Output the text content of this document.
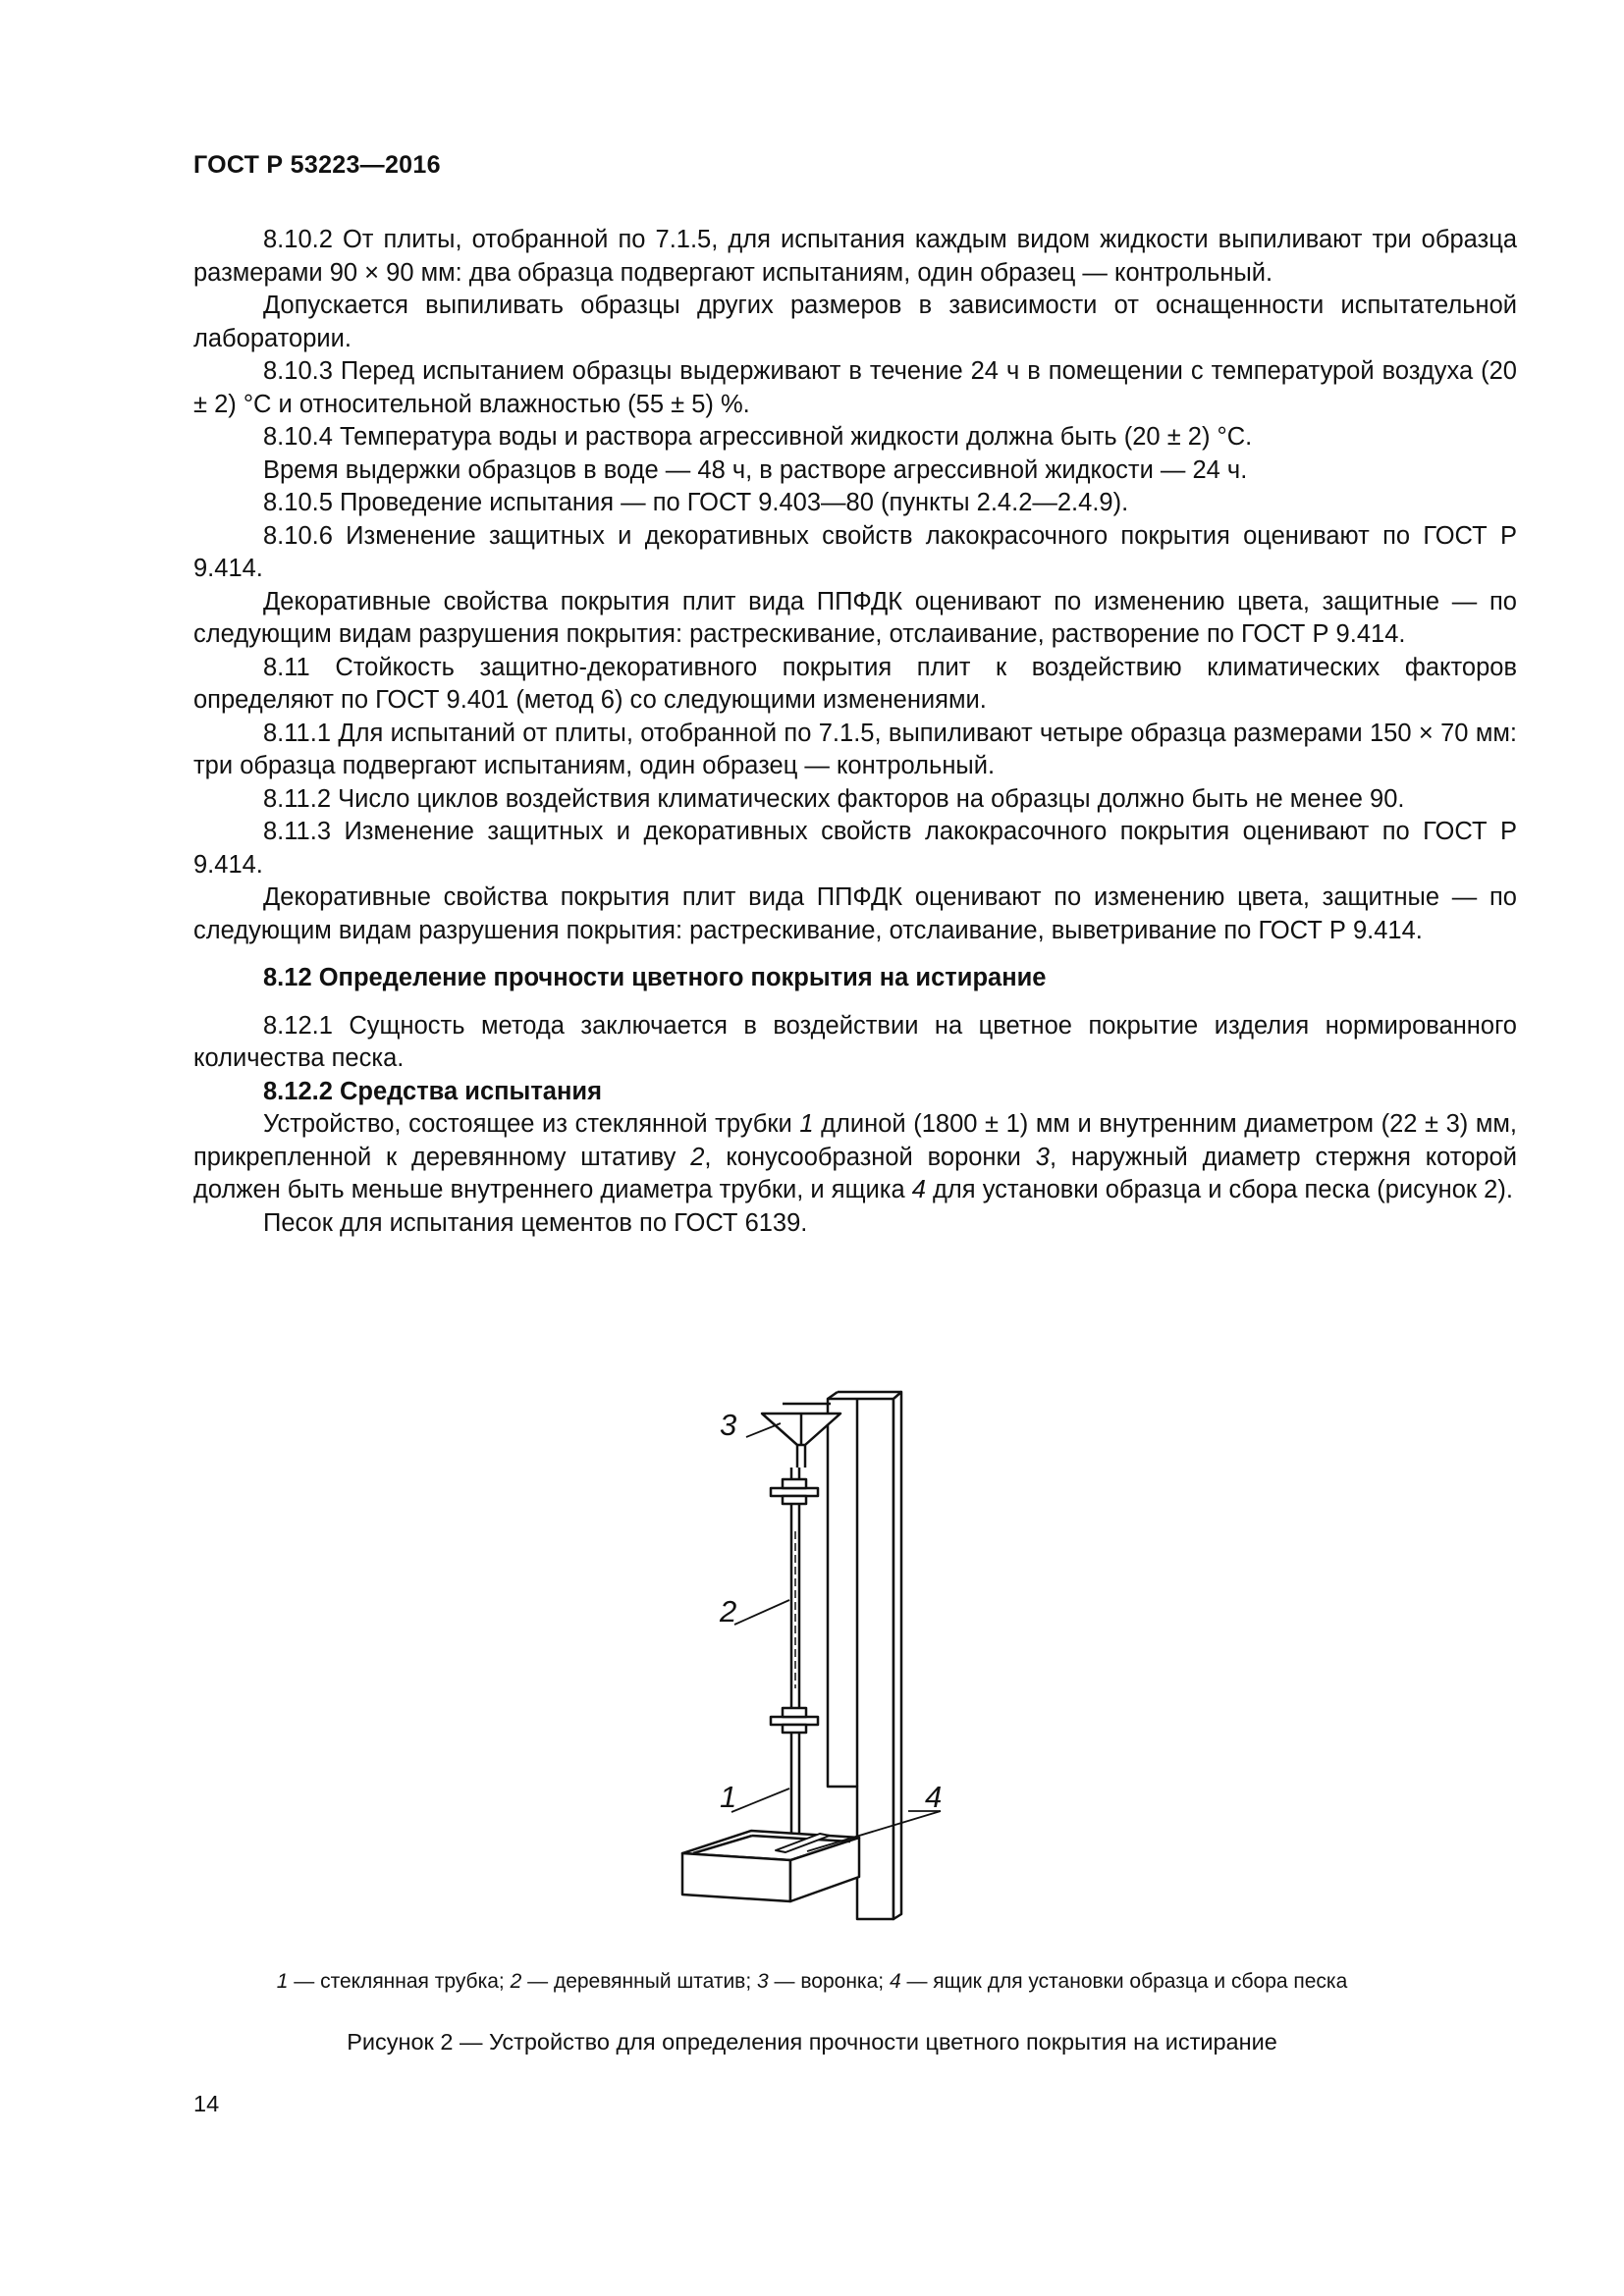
ГОСТ Р 53223—2016

8.10.2 От плиты, отобранной по 7.1.5, для испытания каждым видом жидкости выпиливают три образца размерами 90 × 90 мм: два образца подвергают испытаниям, один образец — контрольный.

Допускается выпиливать образцы других размеров в зависимости от оснащенности испытательной лаборатории.

8.10.3 Перед испытанием образцы выдерживают в течение 24 ч в помещении с температурой воздуха (20 ± 2) °С и относительной влажностью (55 ± 5) %.

8.10.4 Температура воды и раствора агрессивной жидкости должна быть (20 ± 2) °С.

Время выдержки образцов в воде — 48 ч, в растворе агрессивной жидкости — 24 ч.

8.10.5 Проведение испытания — по ГОСТ 9.403—80 (пункты 2.4.2—2.4.9).

8.10.6 Изменение защитных и декоративных свойств лакокрасочного покрытия оценивают по ГОСТ Р 9.414.

Декоративные свойства покрытия плит вида ППФДК оценивают по изменению цвета, защитные — по следующим видам разрушения покрытия: растрескивание, отслаивание, растворение по ГОСТ Р 9.414.

8.11 Стойкость защитно-декоративного покрытия плит к воздействию климатических факторов определяют по ГОСТ 9.401 (метод 6) со следующими изменениями.

8.11.1 Для испытаний от плиты, отобранной по 7.1.5, выпиливают четыре образца размерами 150 × 70 мм: три образца подвергают испытаниям, один образец — контрольный.

8.11.2 Число циклов воздействия климатических факторов на образцы должно быть не менее 90.

8.11.3 Изменение защитных и декоративных свойств лакокрасочного покрытия оценивают по ГОСТ Р 9.414.

Декоративные свойства покрытия плит вида ППФДК оценивают по изменению цвета, защитные — по следующим видам разрушения покрытия: растрескивание, отслаивание, выветривание по ГОСТ Р 9.414.

8.12 Определение прочности цветного покрытия на истирание

8.12.1 Сущность метода заключается в воздействии на цветное покрытие изделия нормированного количества песка.

8.12.2 Средства испытания

Устройство, состоящее из стеклянной трубки 1 длиной (1800 ± 1) мм и внутренним диаметром (22 ± 3) мм, прикрепленной к деревянному штативу 2, конусообразной воронки 3, наружный диаметр стержня которой должен быть меньше внутреннего диаметра трубки, и ящика 4 для установки образца и сбора песка (рисунок 2).

Песок для испытания цементов по ГОСТ 6139.

3
2
1	4
1 — стеклянная трубка; 2 — деревянный штатив; 3 — воронка; 4 — ящик для установки образца и сбора песка
Рисунок 2 — Устройство для определения прочности цветного покрытия на истирание
14
